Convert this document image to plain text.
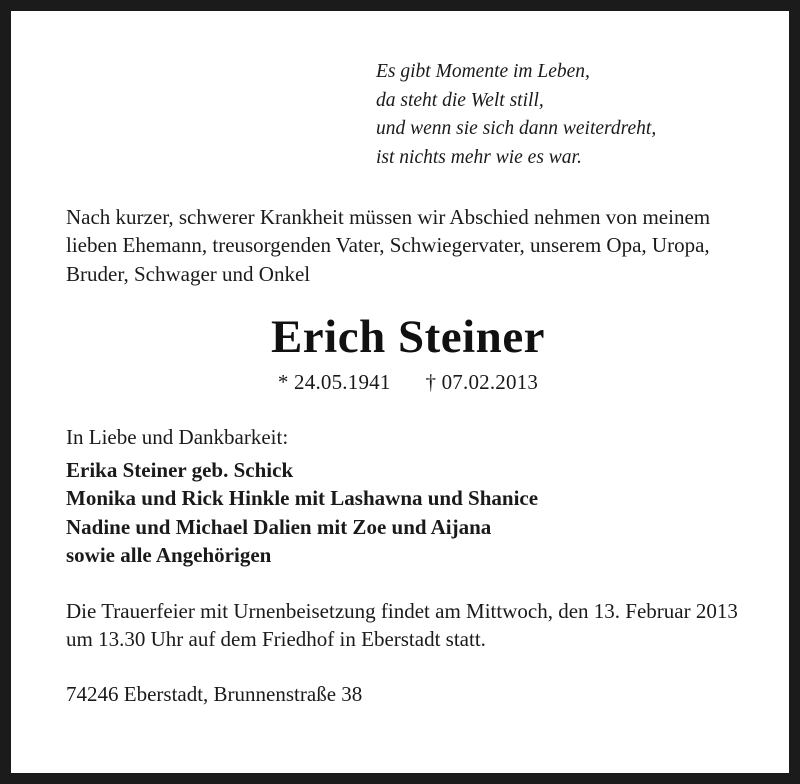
Es gibt Momente im Leben,
da steht die Welt still,
und wenn sie sich dann weiterdreht,
ist nichts mehr wie es war.

Nach kurzer, schwerer Krankheit müssen wir Abschied nehmen von meinem lieben Ehemann, treusorgenden Vater, Schwiegervater, unserem Opa, Uropa, Bruder, Schwager und Onkel

Erich Steiner
* 24.05.1941 † 07.02.2013

In Liebe und Dankbarkeit:

Erika Steiner geb. Schick
Monika und Rick Hinkle mit Lashawna und Shanice
Nadine und Michael Dalien mit Zoe und Aijana
sowie alle Angehörigen

Die Trauerfeier mit Urnenbeisetzung findet am Mittwoch, den 13. Februar 2013 um 13.30 Uhr auf dem Friedhof in Eberstadt statt.

74246 Eberstadt, Brunnenstraße 38
